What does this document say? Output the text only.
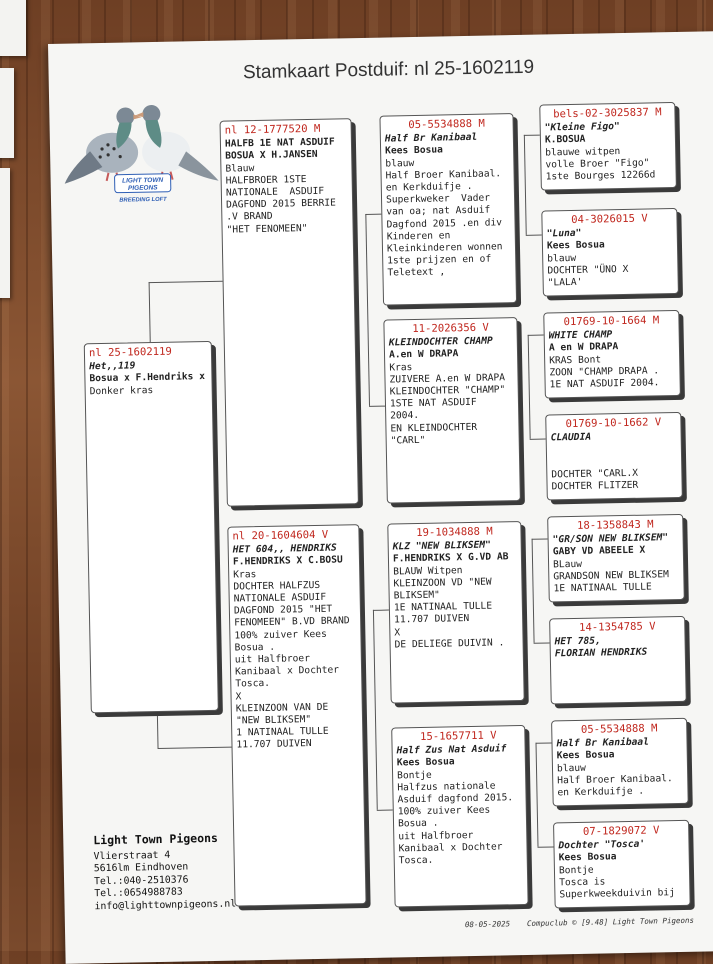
Stamkaart Postduif: nl 25-1602119
LIGHT TOWN
PIGEONS
BREEDING LOFT
nl 25-1602119
Het,,119
Bosua x F.Hendriks x
Donker kras
nl 12-1777520 M
HALFB 1E NAT ASDUIF
BOSUA X H.JANSEN
Blauw
HALFBROER 1STE
NATIONALE  ASDUIF
DAGFOND 2015 BERRIE
.V BRAND
"HET FENOMEEN"
nl 20-1604604 V
HET 604,, HENDRIKS
F.HENDRIKS X C.BOSU
Kras
DOCHTER HALFZUS
NATIONALE ASDUIF
DAGFOND 2015 "HET
FENOMEEN" B.VD BRAND
100% zuiver Kees
Bosua .
uit Halfbroer
Kanibaal x Dochter
Tosca.
X
KLEINZOON VAN DE
"NEW BLIKSEM"
1 NATINAAL TULLE
11.707 DUIVEN
05-5534888 M
Half Br Kanibaal
Kees Bosua
blauw
Half Broer Kanibaal.
en Kerkduifje .
Superkweker  Vader
van oa; nat Asduif
Dagfond 2015 .en div
Kinderen en
Kleinkinderen wonnen
1ste prijzen en of
Teletext ,
11-2026356 V
KLEINDOCHTER CHAMP
A.en W DRAPA
Kras
ZUIVERE A.en W DRAPA
KLEINDOCHTER "CHAMP"
1STE NAT ASDUIF
2004.
EN KLEINDOCHTER
"CARL"
19-1034888 M
KLZ "NEW BLIKSEM"
F.HENDRIKS X G.VD AB
BLAUW Witpen
KLEINZOON VD "NEW
BLIKSEM"
1E NATINAAL TULLE
11.707 DUIVEN
X
DE DELIEGE DUIVIN .
15-1657711 V
Half Zus Nat Asduif
Kees Bosua
Bontje
Halfzus nationale
Asduif dagfond 2015.
100% zuiver Kees
Bosua .
uit Halfbroer
Kanibaal x Dochter
Tosca.
bels-02-3025837 M
"Kleine Figo"
K.BOSUA
blauwe witpen
volle Broer "Figo"
1ste Bourges 12266d
04-3026015 V
"Luna"
Kees Bosua
blauw
DOCHTER "ÜNO X
"LALA'
01769-10-1664 M
WHITE CHAMP
A en W DRAPA
KRAS Bont
ZOON "CHAMP DRAPA .
1E NAT ASDUIF 2004.
01769-10-1662 V
CLAUDIA

DOCHTER "CARL.X
DOCHTER FLITZER
18-1358843 M
"GR/SON NEW BLIKSEM"
GABY VD ABEELE X
BLauw
GRANDSON NEW BLIKSEM
1E NATINAAL TULLE
14-1354785 V
HET 785,
FLORIAN HENDRIKS
05-5534888 M
Half Br Kanibaal
Kees Bosua
blauw
Half Broer Kanibaal.
en Kerkduifje .
07-1829072 V
Dochter "Tosca'
Kees Bosua
Bontje
Tosca is
Superkweekduivin bij
Light Town Pigeons
Vlierstraat 4
5616lm Eindhoven
Tel.:040-2510376
Tel.:0654988783
info@lighttownpigeons.nl
08-05-2025 Compuclub © [9.48] Light Town Pigeons
